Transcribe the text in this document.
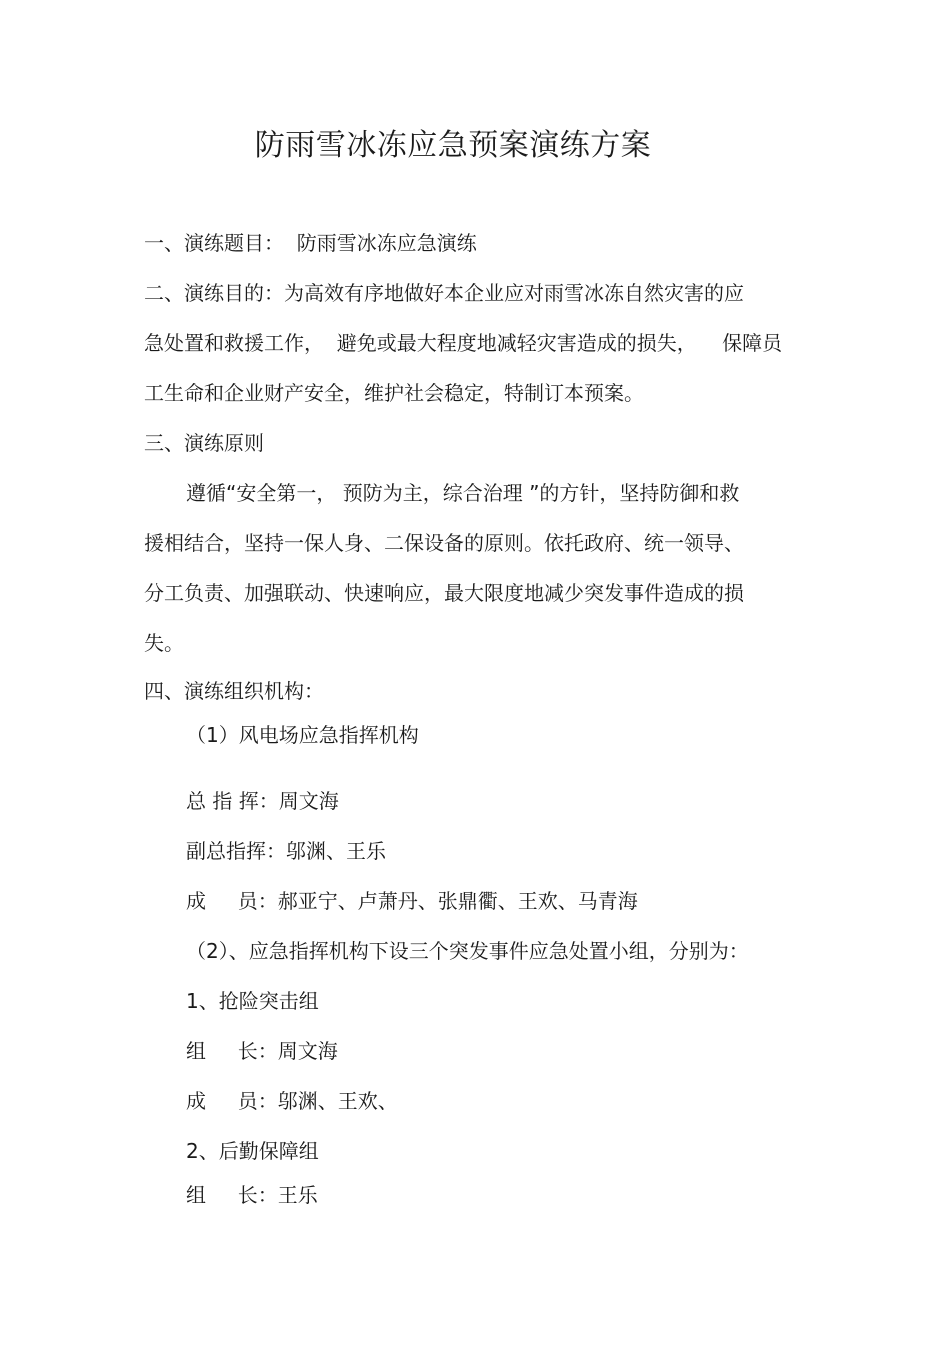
防雨雪冰冻应急预案演练方案
一、演练题目：  防雨雪冰冻应急演练
二、演练目的：为高效有序地做好本企业应对雨雪冰冻自然灾害的应
急处置和救援工作，  避免或最大程度地减轻灾害造成的损失，    保障员
工生命和企业财产安全，维护社会稳定，特制订本预案。
三、演练原则
遵循“安全第一， 预防为主，综合治理 ”的方针，坚持防御和救
援相结合，坚持一保人身、二保设备的原则。依托政府、统一领导、
分工负责、加强联动、快速响应，最大限度地减少突发事件造成的损
失。
四、演练组织机构：
（1）风电场应急指挥机构
总 指 挥：周文海
副总指挥：邬渊、王乐
成     员：郝亚宁、卢萧丹、张鼎衢、王欢、马青海
（2）、应急指挥机构下设三个突发事件应急处置小组，分别为：
1、抢险突击组
组     长：周文海
成     员：邬渊、王欢、
2、后勤保障组
组     长：王乐
